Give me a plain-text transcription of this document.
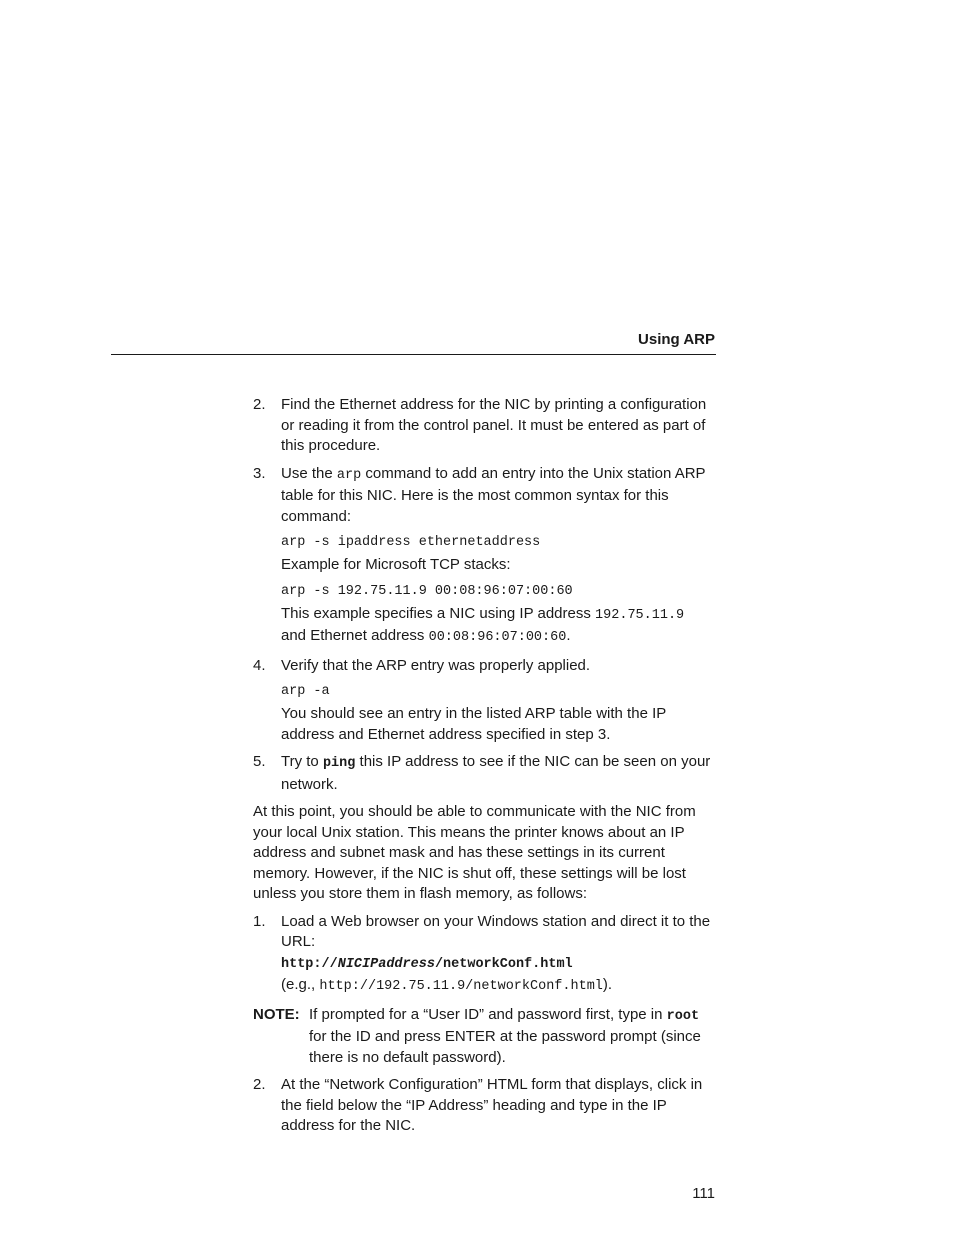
Using ARP
2. Find the Ethernet address for the NIC by printing a configuration or reading it from the control panel. It must be entered as part of this procedure.

3. Use the arp command to add an entry into the Unix station ARP table for this NIC. Here is the most common syntax for this command:

arp -s ipaddress ethernetaddress

Example for Microsoft TCP stacks:

arp -s 192.75.11.9 00:08:96:07:00:60

This example specifies a NIC using IP address 192.75.11.9
and Ethernet address 00:08:96:07:00:60.

4. Verify that the ARP entry was properly applied.

arp -a

You should see an entry in the listed ARP table with the IP address and Ethernet address specified in step 3.

5. Try to ping this IP address to see if the NIC can be seen on your network.

At this point, you should be able to communicate with the NIC from your local Unix station. This means the printer knows about an IP address and subnet mask and has these settings in its current memory. However, if the NIC is shut off, these settings will be lost unless you store them in flash memory, as follows:

1. Load a Web browser on your Windows station and direct it to the URL:

http://NICIPaddress/networkConf.html
(e.g., http://192.75.11.9/networkConf.html).
NOTE: If prompted for a “User ID” and password first, type in root for the ID and press ENTER at the password prompt (since there is no default password).

2. At the “Network Configuration” HTML form that displays, click in the field below the “IP Address” heading and type in the IP address for the NIC.

111
